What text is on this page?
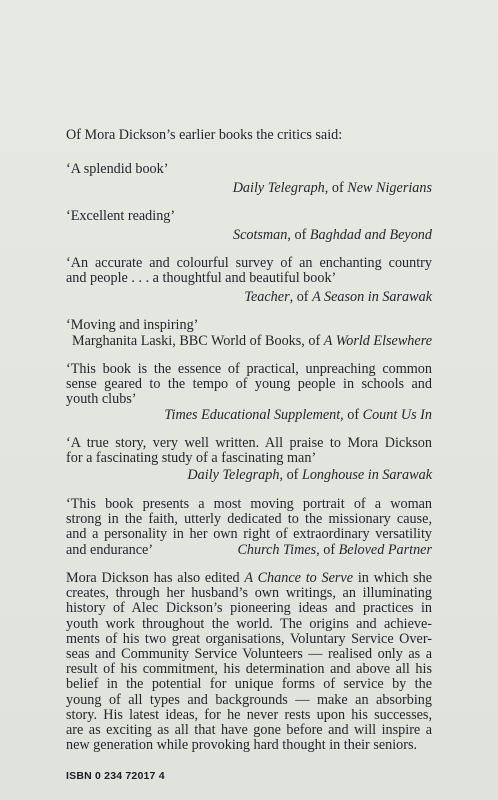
Of Mora Dickson’s earlier books the critics said:
‘A splendid book’
Daily Telegraph, of New Nigerians
‘Excellent reading’
Scotsman, of Baghdad and Beyond
‘An accurate and colourful survey of an enchanting country
and people . . . a thoughtful and beautiful book’
Teacher, of A Season in Sarawak
‘Moving and inspiring’
Marghanita Laski, BBC World of Books, of A World Elsewhere
‘This book is the essence of practical, unpreaching common
sense geared to the tempo of young people in schools and
youth clubs’
Times Educational Supplement, of Count Us In
‘A true story, very well written. All praise to Mora Dickson
for a fascinating study of a fascinating man’
Daily Telegraph, of Longhouse in Sarawak
‘This book presents a most moving portrait of a woman
strong in the faith, utterly dedicated to the missionary cause,
and a personality in her own right of extraordinary versatility
and endurance’	Church Times, of Beloved Partner
Mora Dickson has also edited A Chance to Serve in which she
creates, through her husband’s own writings, an illuminating
history of Alec Dickson’s pioneering ideas and practices in
youth work throughout the world. The origins and achieve-
ments of his two great organisations, Voluntary Service Over-
seas and Community Service Volunteers — realised only as a
result of his commitment, his determination and above all his
belief in the potential for unique forms of service by the
young of all types and backgrounds — make an absorbing
story. His latest ideas, for he never rests upon his successes,
are as exciting as all that have gone before and will inspire a
new generation while provoking hard thought in their seniors.
ISBN 0 234 72017 4
